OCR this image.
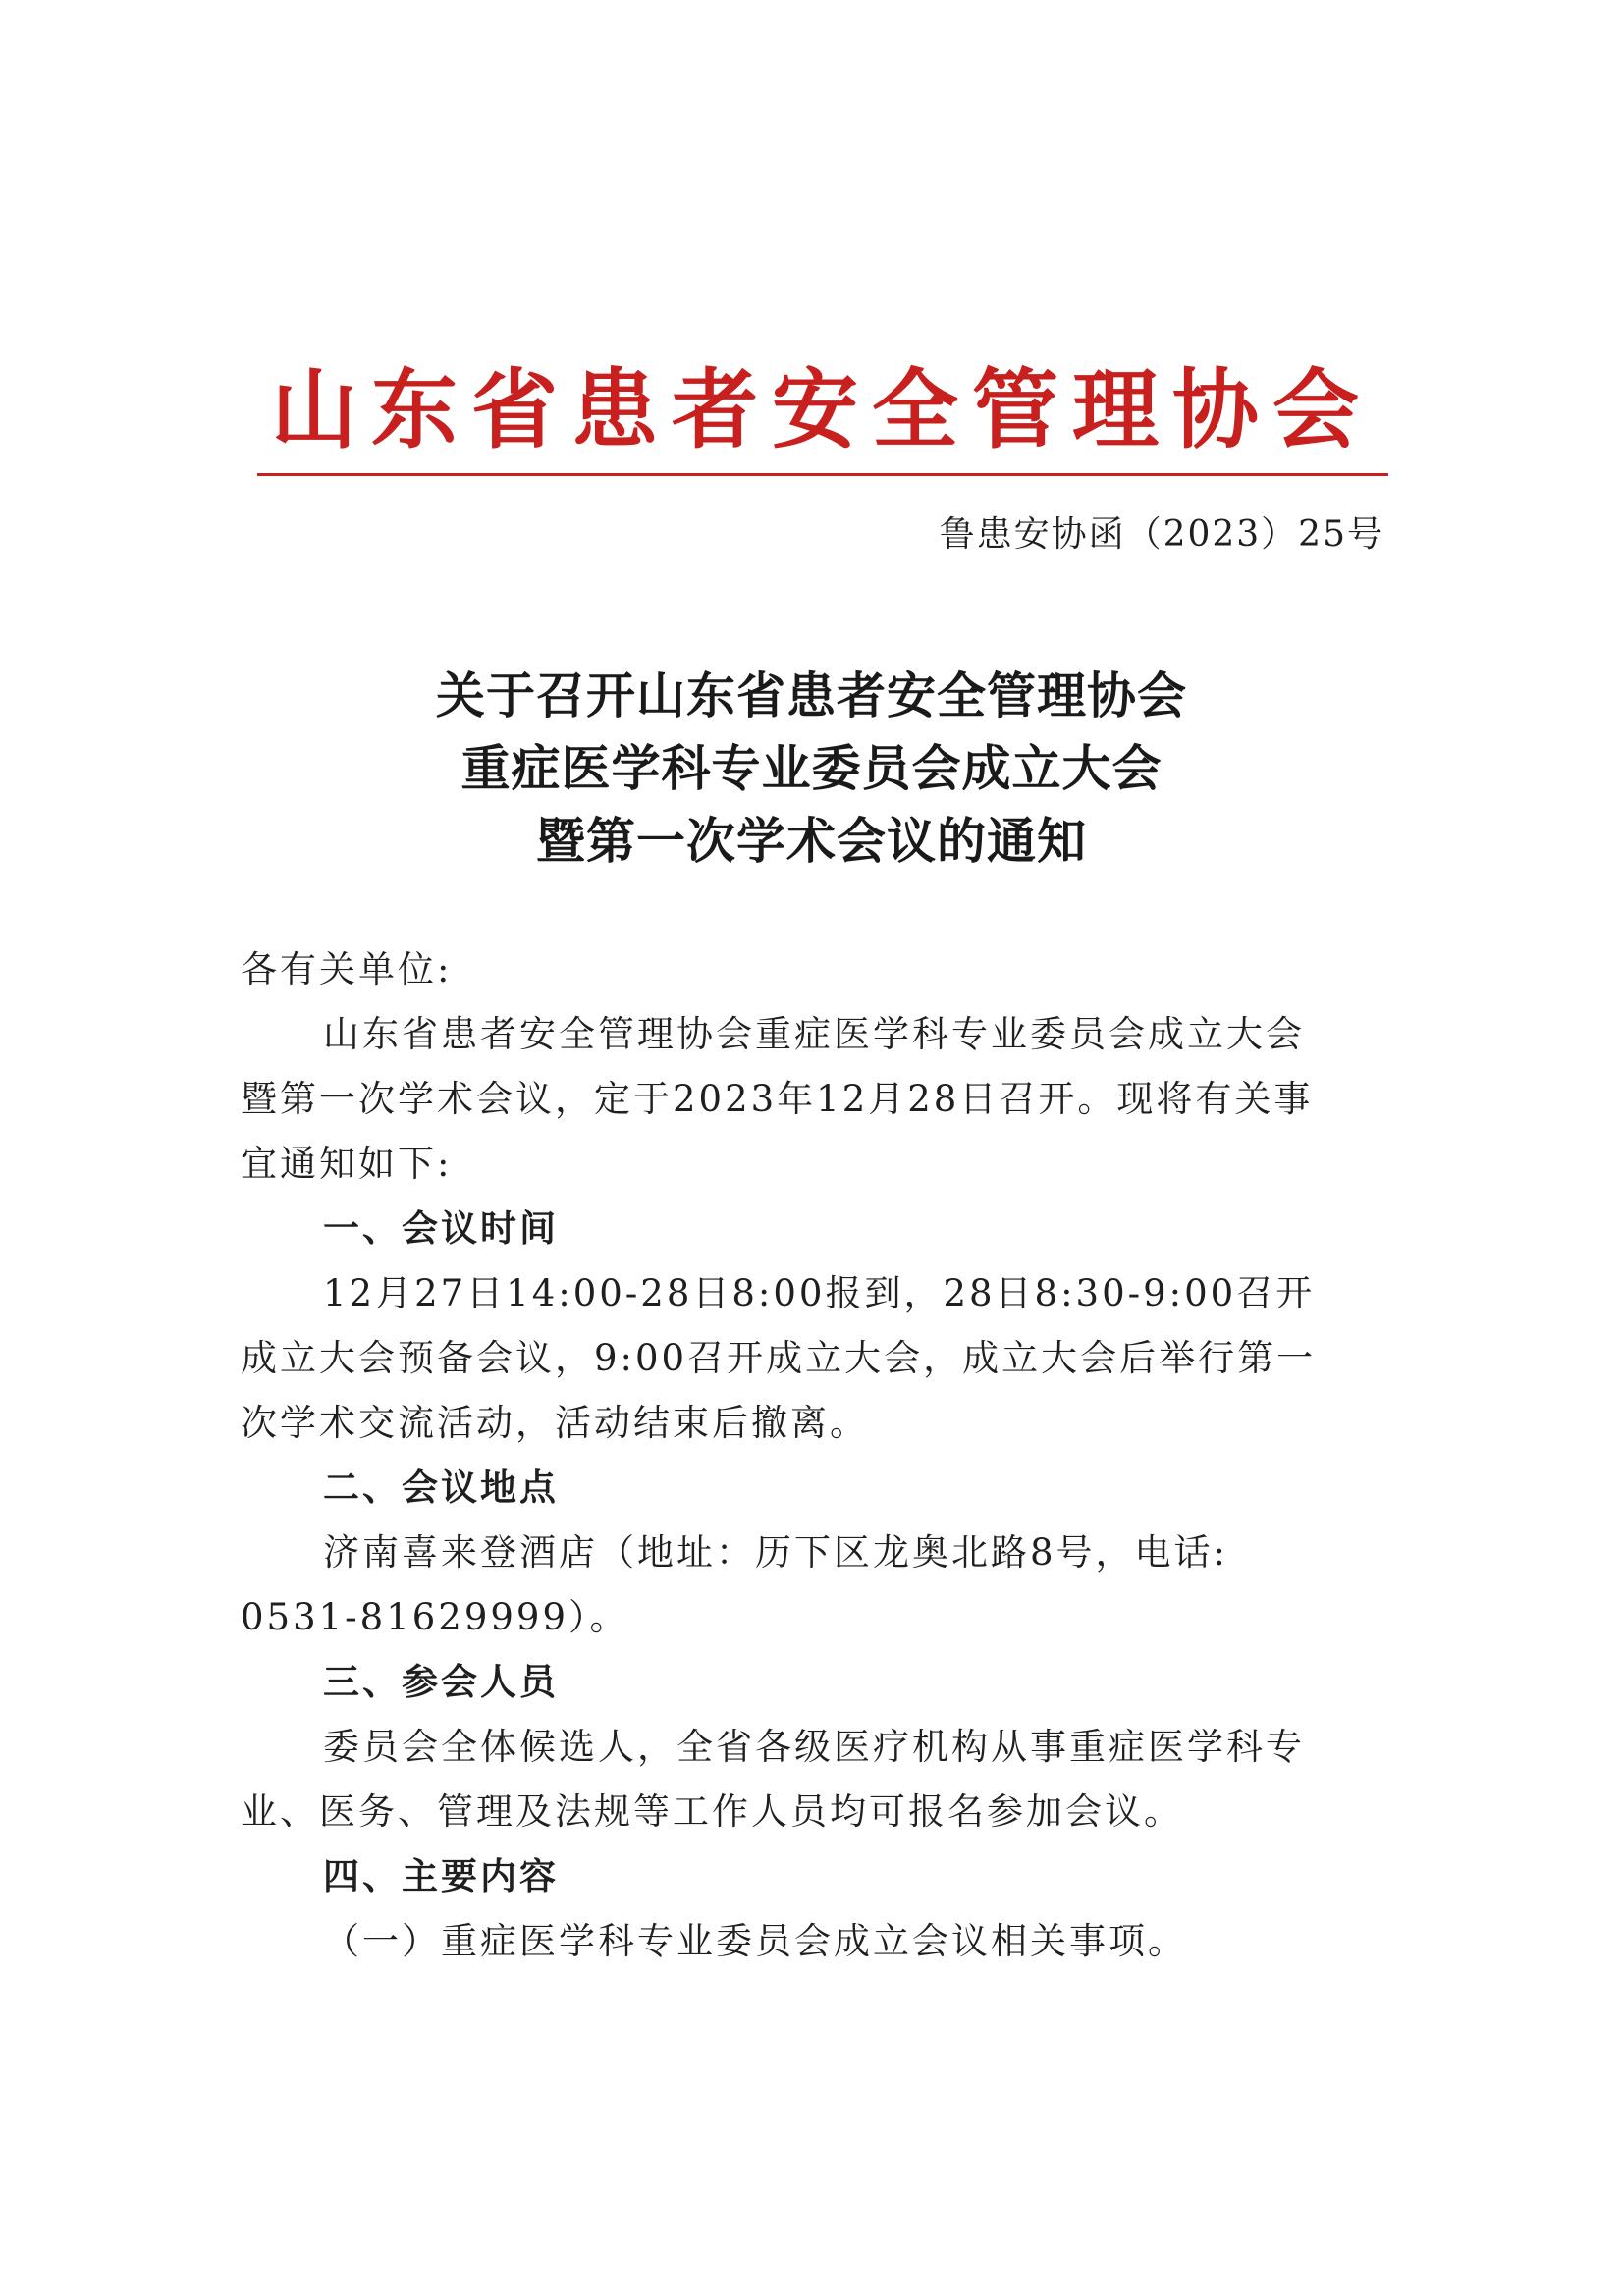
山东省患者安全管理协会
鲁患安协函（2023）25号
关于召开山东省患者安全管理协会
重症医学科专业委员会成立大会
暨第一次学术会议的通知
各有关单位:
山东省患者安全管理协会重症医学科专业委员会成立大会
暨第一次学术会议，定于2023年12月28日召开。现将有关事
宜通知如下:
一、会议时间
12月27日14:00-28日8:00报到，28日8:30-9:00召开
成立大会预备会议，9:00召开成立大会，成立大会后举行第一
次学术交流活动，活动结束后撤离。
二、会议地点
济南喜来登酒店（地址：历下区龙奥北路8号，电话:
0531-81629999）。
三、参会人员
委员会全体候选人，全省各级医疗机构从事重症医学科专
业、医务、管理及法规等工作人员均可报名参加会议。
四、主要内容
（一）重症医学科专业委员会成立会议相关事项。
